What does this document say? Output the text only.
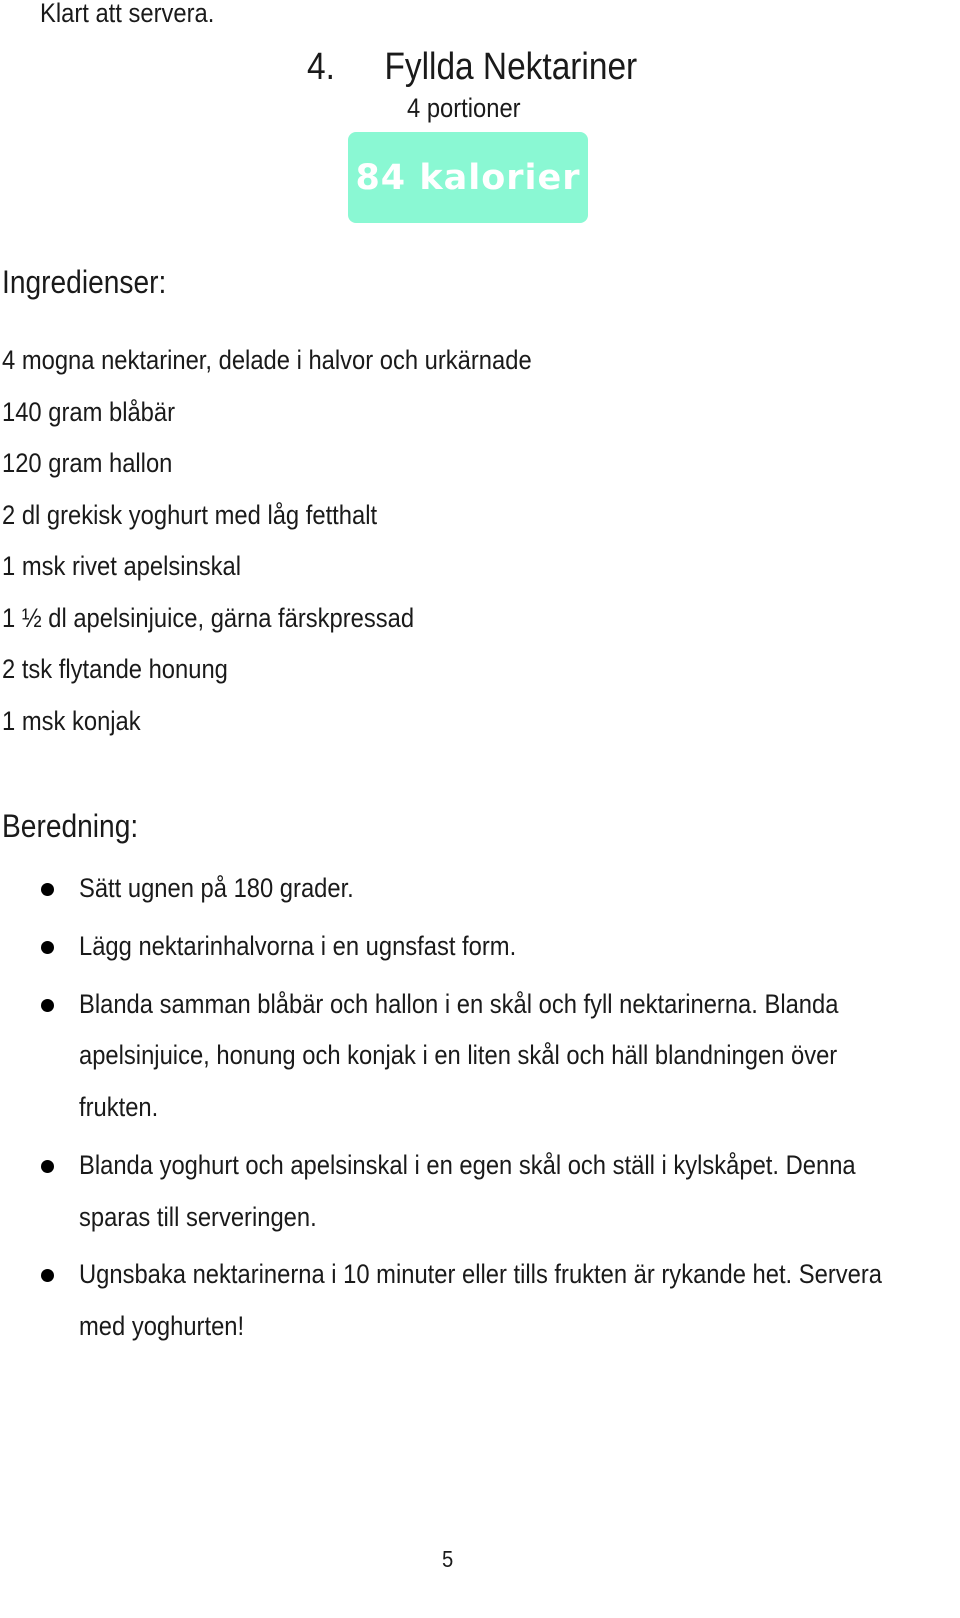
Klart att servera.
4.	Fyllda Nektariner
4 portioner
84 kalorier
Ingredienser:
4 mogna nektariner, delade i halvor och urkärnade
140 gram blåbär
120 gram hallon
2 dl grekisk yoghurt med låg fetthalt
1 msk rivet apelsinskal
1 ½ dl apelsinjuice, gärna färskpressad
2 tsk flytande honung
1 msk konjak
Beredning:
Sätt ugnen på 180 grader.
Lägg nektarinhalvorna i en ugnsfast form.
Blanda samman blåbär och hallon i en skål och fyll nektarinerna. Blanda
apelsinjuice, honung och konjak i en liten skål och häll blandningen över
frukten.
Blanda yoghurt och apelsinskal i en egen skål och ställ i kylskåpet. Denna
sparas till serveringen.
Ugnsbaka nektarinerna i 10 minuter eller tills frukten är rykande het. Servera
med yoghurten!
5
